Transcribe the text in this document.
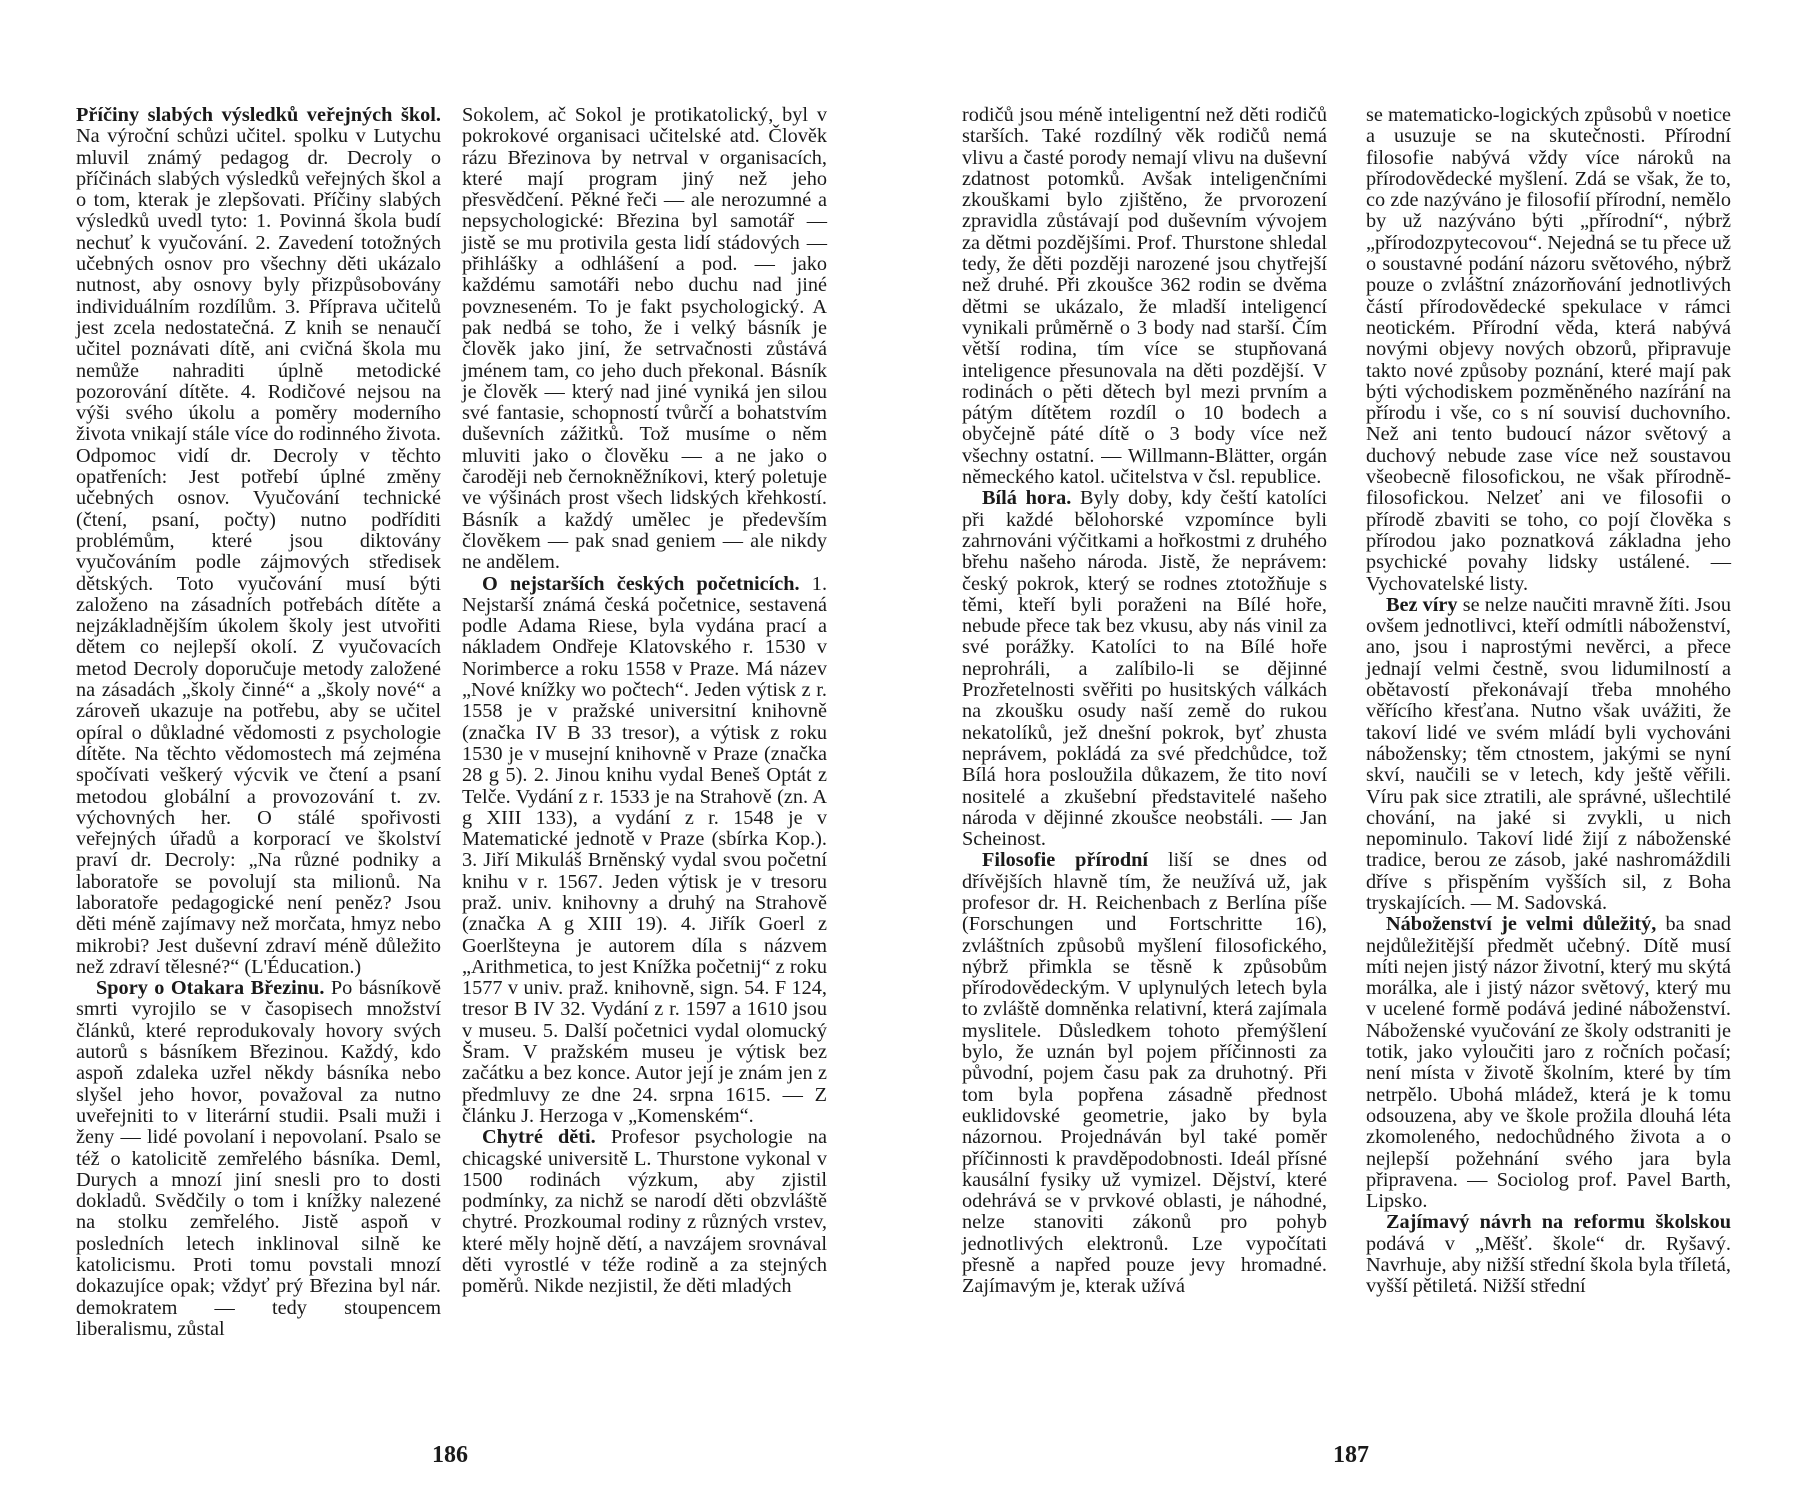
Příčiny slabých výsledků veřejných škol. Na výroční schůzi učitel. spolku v Lutychu mluvil známý pedagog dr. Decroly o příčinách slabých výsledků veřejných škol a o tom, kterak je zlepšovati. Příčiny slabých výsledků uvedl tyto: 1. Povinná škola budí nechuť k vyučování. 2. Zavedení totožných učebných osnov pro všechny děti ukázalo nutnost, aby osnovy byly přizpůsobovány individuálním rozdílům. 3. Příprava učitelů jest zcela nedostatečná. Z knih se nenaučí učitel poznávati dítě, ani cvičná škola mu nemůže nahraditi úplně metodické pozorování dítěte. 4. Rodičové nejsou na výši svého úkolu a poměry moderního života vnikají stále více do rodinného života. Odpomoc vidí dr. Decroly v těchto opatřeních: Jest potřebí úplné změny učebných osnov. Vyučování technické (čtení, psaní, počty) nutno podříditi problémům, které jsou diktovány vyučováním podle zájmových středisek dětských. Toto vyučování musí býti založeno na zásadních potřebách dítěte a nejzákladnějším úkolem školy jest utvořiti dětem co nejlepší okolí. Z vyučovacích metod Decroly doporučuje metody založené na zásadách „školy činné“ a „školy nové“ a zároveň ukazuje na potřebu, aby se učitel opíral o důkladné vědomosti z psychologie dítěte. Na těchto vědomostech má zejména spočívati veškerý výcvik ve čtení a psaní metodou globální a provozování t. zv. výchovných her. O stálé spořivosti veřejných úřadů a korporací ve školství praví dr. Decroly: „Na různé podniky a laboratoře se povolují sta milionů. Na laboratoře pedagogické není peněz? Jsou děti méně zajímavy než morčata, hmyz nebo mikrobi? Jest duševní zdraví méně důležito než zdraví tělesné?“ (L'Éducation.)

Spory o Otakara Březinu. Po básníkově smrti vyrojilo se v časopisech množství článků, které reprodukovaly hovory svých autorů s básníkem Březinou. Každý, kdo aspoň zdaleka uzřel někdy básníka nebo slyšel jeho hovor, považoval za nutno uveřejniti to v literární studii. Psali muži i ženy — lidé povolaní i nepovolaní. Psalo se též o katolicitě zemřelého básníka. Deml, Durych a mnozí jiní snesli pro to dosti dokladů. Svědčily o tom i knížky nalezené na stolku zemřelého. Jistě aspoň v posledních letech inklinoval silně ke katolicismu. Proti tomu povstali mnozí dokazujíce opak; vždyť prý Březina byl nár. demokratem — tedy stoupencem liberalismu, zůstal

Sokolem, ač Sokol je protikatolický, byl v pokrokové organisaci učitelské atd. Člověk rázu Březinova by netrval v organisacích, které mají program jiný než jeho přesvědčení. Pěkné řeči — ale nerozumné a nepsychologické: Březina byl samotář — jistě se mu protivila gesta lidí stádových — přihlášky a odhlášení a pod. — jako každému samotáři nebo duchu nad jiné povzneseném. To je fakt psychologický. A pak nedbá se toho, že i velký básník je člověk jako jiní, že setrvačnosti zůstává jménem tam, co jeho duch překonal. Básník je člověk — který nad jiné vyniká jen silou své fantasie, schopností tvůrčí a bohatstvím duševních zážitků. Tož musíme o něm mluviti jako o člověku — a ne jako o čaroději neb černokněžníkovi, který poletuje ve výšinách prost všech lidských křehkostí. Básník a každý umělec je především člověkem — pak snad geniem — ale nikdy ne andělem.

O nejstarších českých početnicích. 1. Nejstarší známá česká početnice, sestavená podle Adama Riese, byla vydána prací a nákladem Ondřeje Klatovského r. 1530 v Norimberce a roku 1558 v Praze. Má název „Nové knížky wo počtech“. Jeden výtisk z r. 1558 je v pražské universitní knihovně (značka IV B 33 tresor), a výtisk z roku 1530 je v musejní knihovně v Praze (značka 28 g 5). 2. Jinou knihu vydal Beneš Optát z Telče. Vydání z r. 1533 je na Strahově (zn. A g XIII 133), a vydání z r. 1548 je v Matematické jednotě v Praze (sbírka Kop.). 3. Jiří Mikuláš Brněnský vydal svou početní knihu v r. 1567. Jeden výtisk je v tresoru praž. univ. knihovny a druhý na Strahově (značka A g XIII 19). 4. Jiřík Goerl z Goerlšteyna je autorem díla s názvem „Arithmetica, to jest Knížka početnij“ z roku 1577 v univ. praž. knihovně, sign. 54. F 124, tresor B IV 32. Vydání z r. 1597 a 1610 jsou v museu. 5. Další početnici vydal olomucký Šram. V pražském museu je výtisk bez začátku a bez konce. Autor její je znám jen z předmluvy ze dne 24. srpna 1615. — Z článku J. Herzoga v „Komenském“.

Chytré děti. Profesor psychologie na chicagské universitě L. Thurstone vykonal v 1500 rodinách výzkum, aby zjistil podmínky, za nichž se narodí děti obzvláště chytré. Prozkoumal rodiny z různých vrstev, které měly hojně dětí, a navzájem srovnával děti vyrostlé v téže rodině a za stejných poměrů. Nikde nezjistil, že děti mladých

186

rodičů jsou méně inteligentní než děti rodičů starších. Také rozdílný věk rodičů nemá vlivu a časté porody nemají vlivu na duševní zdatnost potomků. Avšak inteligenčními zkouškami bylo zjištěno, že prvorození zpravidla zůstávají pod duševním vývojem za dětmi pozdějšími. Prof. Thurstone shledal tedy, že děti později narozené jsou chytřejší než druhé. Při zkoušce 362 rodin se dvěma dětmi se ukázalo, že mladší inteligencí vynikali průměrně o 3 body nad starší. Čím větší rodina, tím více se stupňovaná inteligence přesunovala na děti pozdější. V rodinách o pěti dětech byl mezi prvním a pátým dítětem rozdíl o 10 bodech a obyčejně páté dítě o 3 body více než všechny ostatní. — Willmann-Blätter, orgán německého katol. učitelstva v čsl. republice.

Bílá hora. Byly doby, kdy čeští katolíci při každé bělohorské vzpomínce byli zahrnováni výčitkami a hořkostmi z druhého břehu našeho národa. Jistě, že neprávem: český pokrok, který se rodnes ztotožňuje s těmi, kteří byli poraženi na Bílé hoře, nebude přece tak bez vkusu, aby nás vinil za své porážky. Katolíci to na Bílé hoře neprohráli, a zalíbilo-li se dějinné Prozřetelnosti svěřiti po husitských válkách na zkoušku osudy naší země do rukou nekatolíků, jež dnešní pokrok, byť zhusta neprávem, pokládá za své předchůdce, tož Bílá hora posloužila důkazem, že tito noví nositelé a zkušební představitelé našeho národa v dějinné zkoušce neobstáli. — Jan Scheinost.

Filosofie přírodní liší se dnes od dřívějších hlavně tím, že neužívá už, jak profesor dr. H. Reichenbach z Berlína píše (Forschungen und Fortschritte 16), zvláštních způsobů myšlení filosofického, nýbrž přimkla se těsně k způsobům přírodovědeckým. V uplynulých letech byla to zvláště domněnka relativní, která zajímala myslitele. Důsledkem tohoto přemýšlení bylo, že uznán byl pojem příčinnosti za původní, pojem času pak za druhotný. Při tom byla popřena zásadně přednost euklidovské geometrie, jako by byla názornou. Projednáván byl také poměr příčinnosti k pravděpodobnosti. Ideál přísné kausální fysiky už vymizel. Dějství, které odehrává se v prvkové oblasti, je náhodné, nelze stanoviti zákonů pro pohyb jednotlivých elektronů. Lze vypočítati přesně a napřed pouze jevy hromadné. Zajímavým je, kterak užívá

se matematicko-logických způsobů v noetice a usuzuje se na skutečnosti. Přírodní filosofie nabývá vždy více nároků na přírodovědecké myšlení. Zdá se však, že to, co zde nazýváno je filosofií přírodní, nemělo by už nazýváno býti „přírodní“, nýbrž „přírodozpytecovou“. Nejedná se tu přece už o soustavné podání názoru světového, nýbrž pouze o zvláštní znázorňování jednotlivých částí přírodovědecké spekulace v rámci neotickém. Přírodní věda, která nabývá novými objevy nových obzorů, připravuje takto nové způsoby poznání, které mají pak býti východiskem pozměněného nazírání na přírodu i vše, co s ní souvisí duchovního. Než ani tento budoucí názor světový a duchový nebude zase více než soustavou všeobecně filosofickou, ne však přírodně-filosofickou. Nelzeť ani ve filosofii o přírodě zbaviti se toho, co pojí člověka s přírodou jako poznatková základna jeho psychické povahy lidsky ustálené. — Vychovatelské listy.

Bez víry se nelze naučiti mravně žíti. Jsou ovšem jednotlivci, kteří odmítli náboženství, ano, jsou i naprostými nevěrci, a přece jednají velmi čestně, svou lidumilností a obětavostí překonávají třeba mnohého věřícího křesťana. Nutno však uvážiti, že takoví lidé ve svém mládí byli vychováni nábožensky; těm ctnostem, jakými se nyní skví, naučili se v letech, kdy ještě věřili. Víru pak sice ztratili, ale správné, ušlechtilé chování, na jaké si zvykli, u nich nepominulo. Takoví lidé žijí z náboženské tradice, berou ze zásob, jaké nashromáždili dříve s přispěním vyšších sil, z Boha tryskajících. — M. Sadovská.

Náboženství je velmi důležitý, ba snad nejdůležitější předmět učebný. Dítě musí míti nejen jistý názor životní, který mu skýtá morálka, ale i jistý názor světový, který mu v ucelené formě podává jediné náboženství. Náboženské vyučování ze školy odstraniti je totik, jako vyloučiti jaro z ročních počasí; není místa v životě školním, které by tím netrpělo. Ubohá mládež, která je k tomu odsouzena, aby ve škole prožila dlouhá léta zkomoleného, nedochůdného života a o nejlepší požehnání svého jara byla připravena. — Sociolog prof. Pavel Barth, Lipsko.

Zajímavý návrh na reformu školskou podává v „Měšť. škole“ dr. Ryšavý. Navrhuje, aby nižší střední škola byla tříletá, vyšší pětiletá. Nižší střední

187
